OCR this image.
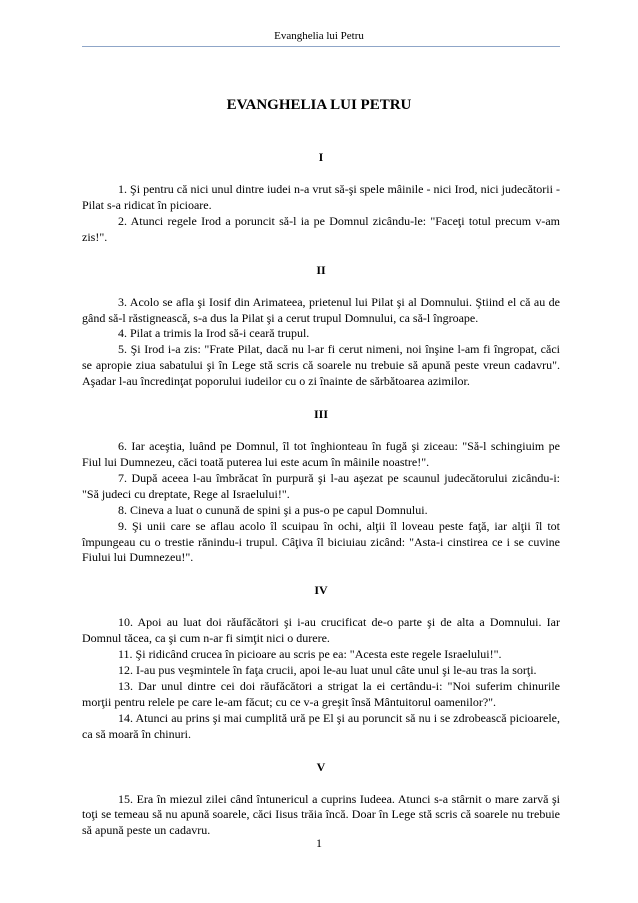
Evanghelia lui Petru
EVANGHELIA LUI PETRU
I

1. Şi pentru că nici unul dintre iudei n-a vrut să-şi spele mâinile - nici Irod, nici judecătorii - Pilat s-a ridicat în picioare.

2. Atunci regele Irod a poruncit să-l ia pe Domnul zicându-le: "Faceţi totul precum v-am zis!".

II

3. Acolo se afla şi Iosif din Arimateea, prietenul lui Pilat şi al Domnului. Ştiind el că au de gând să-l răstignească, s-a dus la Pilat şi a cerut trupul Domnului, ca să-l îngroape.

4. Pilat a trimis la Irod să-i ceară trupul.

5. Şi Irod i-a zis: "Frate Pilat, dacă nu l-ar fi cerut nimeni, noi înşine l-am fi îngropat, căci se apropie ziua sabatului şi în Lege stă scris că soarele nu trebuie să apună peste vreun cadavru". Aşadar l-au încredinţat poporului iudeilor cu o zi înainte de sărbătoarea azimilor.

III

6. Iar aceştia, luând pe Domnul, îl tot înghionteau în fugă şi ziceau: "Să-l schingiuim pe Fiul lui Dumnezeu, căci toată puterea lui este acum în mâinile noastre!".

7. După aceea l-au îmbrăcat în purpură şi l-au aşezat pe scaunul judecătorului zicându-i: "Să judeci cu dreptate, Rege al Israelului!".

8. Cineva a luat o cunună de spini şi a pus-o pe capul Domnului.

9. Şi unii care se aflau acolo îl scuipau în ochi, alţii îl loveau peste faţă, iar alţii îl tot împungeau cu o trestie rănindu-i trupul. Câţiva îl biciuiau zicând: "Asta-i cinstirea ce i se cuvine Fiului lui Dumnezeu!".

IV

10. Apoi au luat doi răufăcători şi i-au crucificat de-o parte şi de alta a Domnului. Iar Domnul tăcea, ca şi cum n-ar fi simţit nici o durere.

11. Şi ridicând crucea în picioare au scris pe ea: "Acesta este regele Israelului!".

12. I-au pus veşmintele în faţa crucii, apoi le-au luat unul câte unul şi le-au tras la sorţi.

13. Dar unul dintre cei doi răufăcători a strigat la ei certându-i: "Noi suferim chinurile morţii pentru relele pe care le-am făcut; cu ce v-a greşit însă Mântuitorul oamenilor?".

14. Atunci au prins şi mai cumplită ură pe El şi au poruncit să nu i se zdrobească picioarele, ca să moară în chinuri.

V

15. Era în miezul zilei când întunericul a cuprins Iudeea. Atunci s-a stârnit o mare zarvă şi toţi se temeau să nu apună soarele, căci Iisus trăia încă. Doar în Lege stă scris că soarele nu trebuie să apună peste un cadavru.

1
